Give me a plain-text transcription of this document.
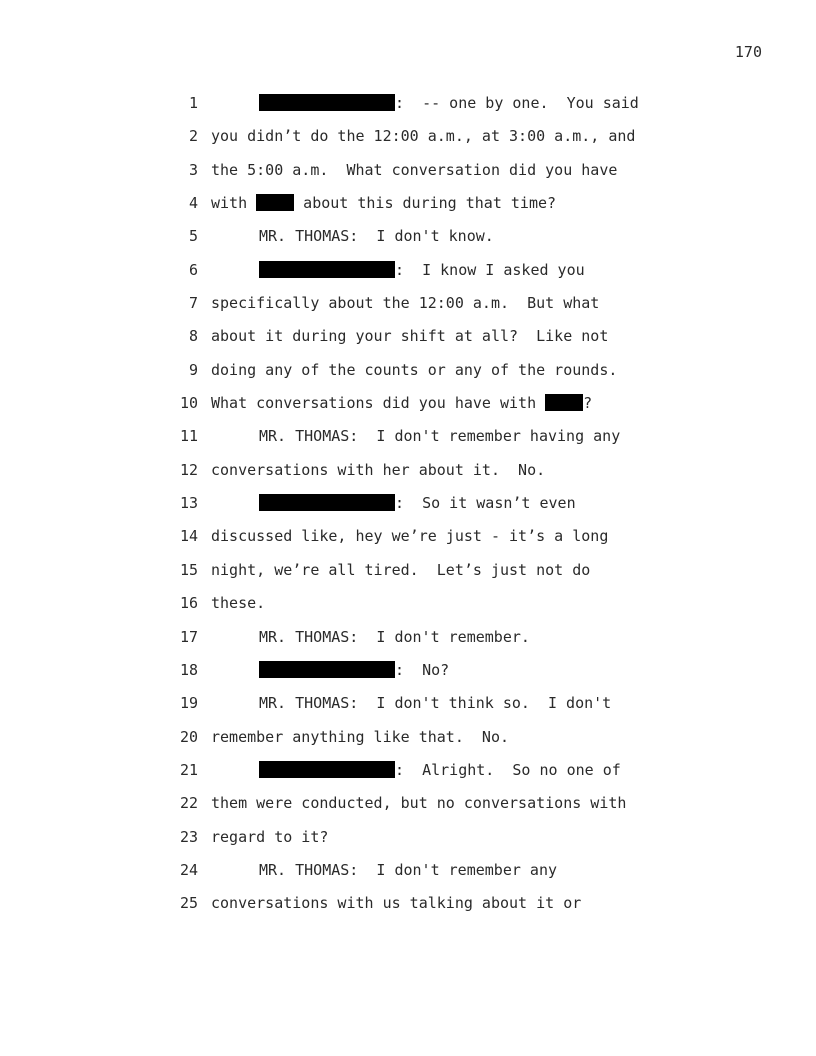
170
1	:  -- one by one.  You said
2 you didn’t do the 12:00 a.m., at 3:00 a.m., and
3 the 5:00 a.m.  What conversation did you have
4 with	about this during that time?
5	MR. THOMAS:  I don't know.
6	:  I know I asked you
7 specifically about the 12:00 a.m.  But what
8 about it during your shift at all?  Like not
9 doing any of the counts or any of the rounds.
10 What conversations did you have with	?
11	MR. THOMAS:  I don't remember having any
12 conversations with her about it.  No.
13	:  So it wasn’t even
14 discussed like, hey we’re just - it’s a long
15 night, we’re all tired.  Let’s just not do
16 these.
17	MR. THOMAS:  I don't remember.
18	:  No?
19	MR. THOMAS:  I don't think so.  I don't
20 remember anything like that.  No.
21	:  Alright.  So no one of
22 them were conducted, but no conversations with
23 regard to it?
24	MR. THOMAS:  I don't remember any
25 conversations with us talking about it or
